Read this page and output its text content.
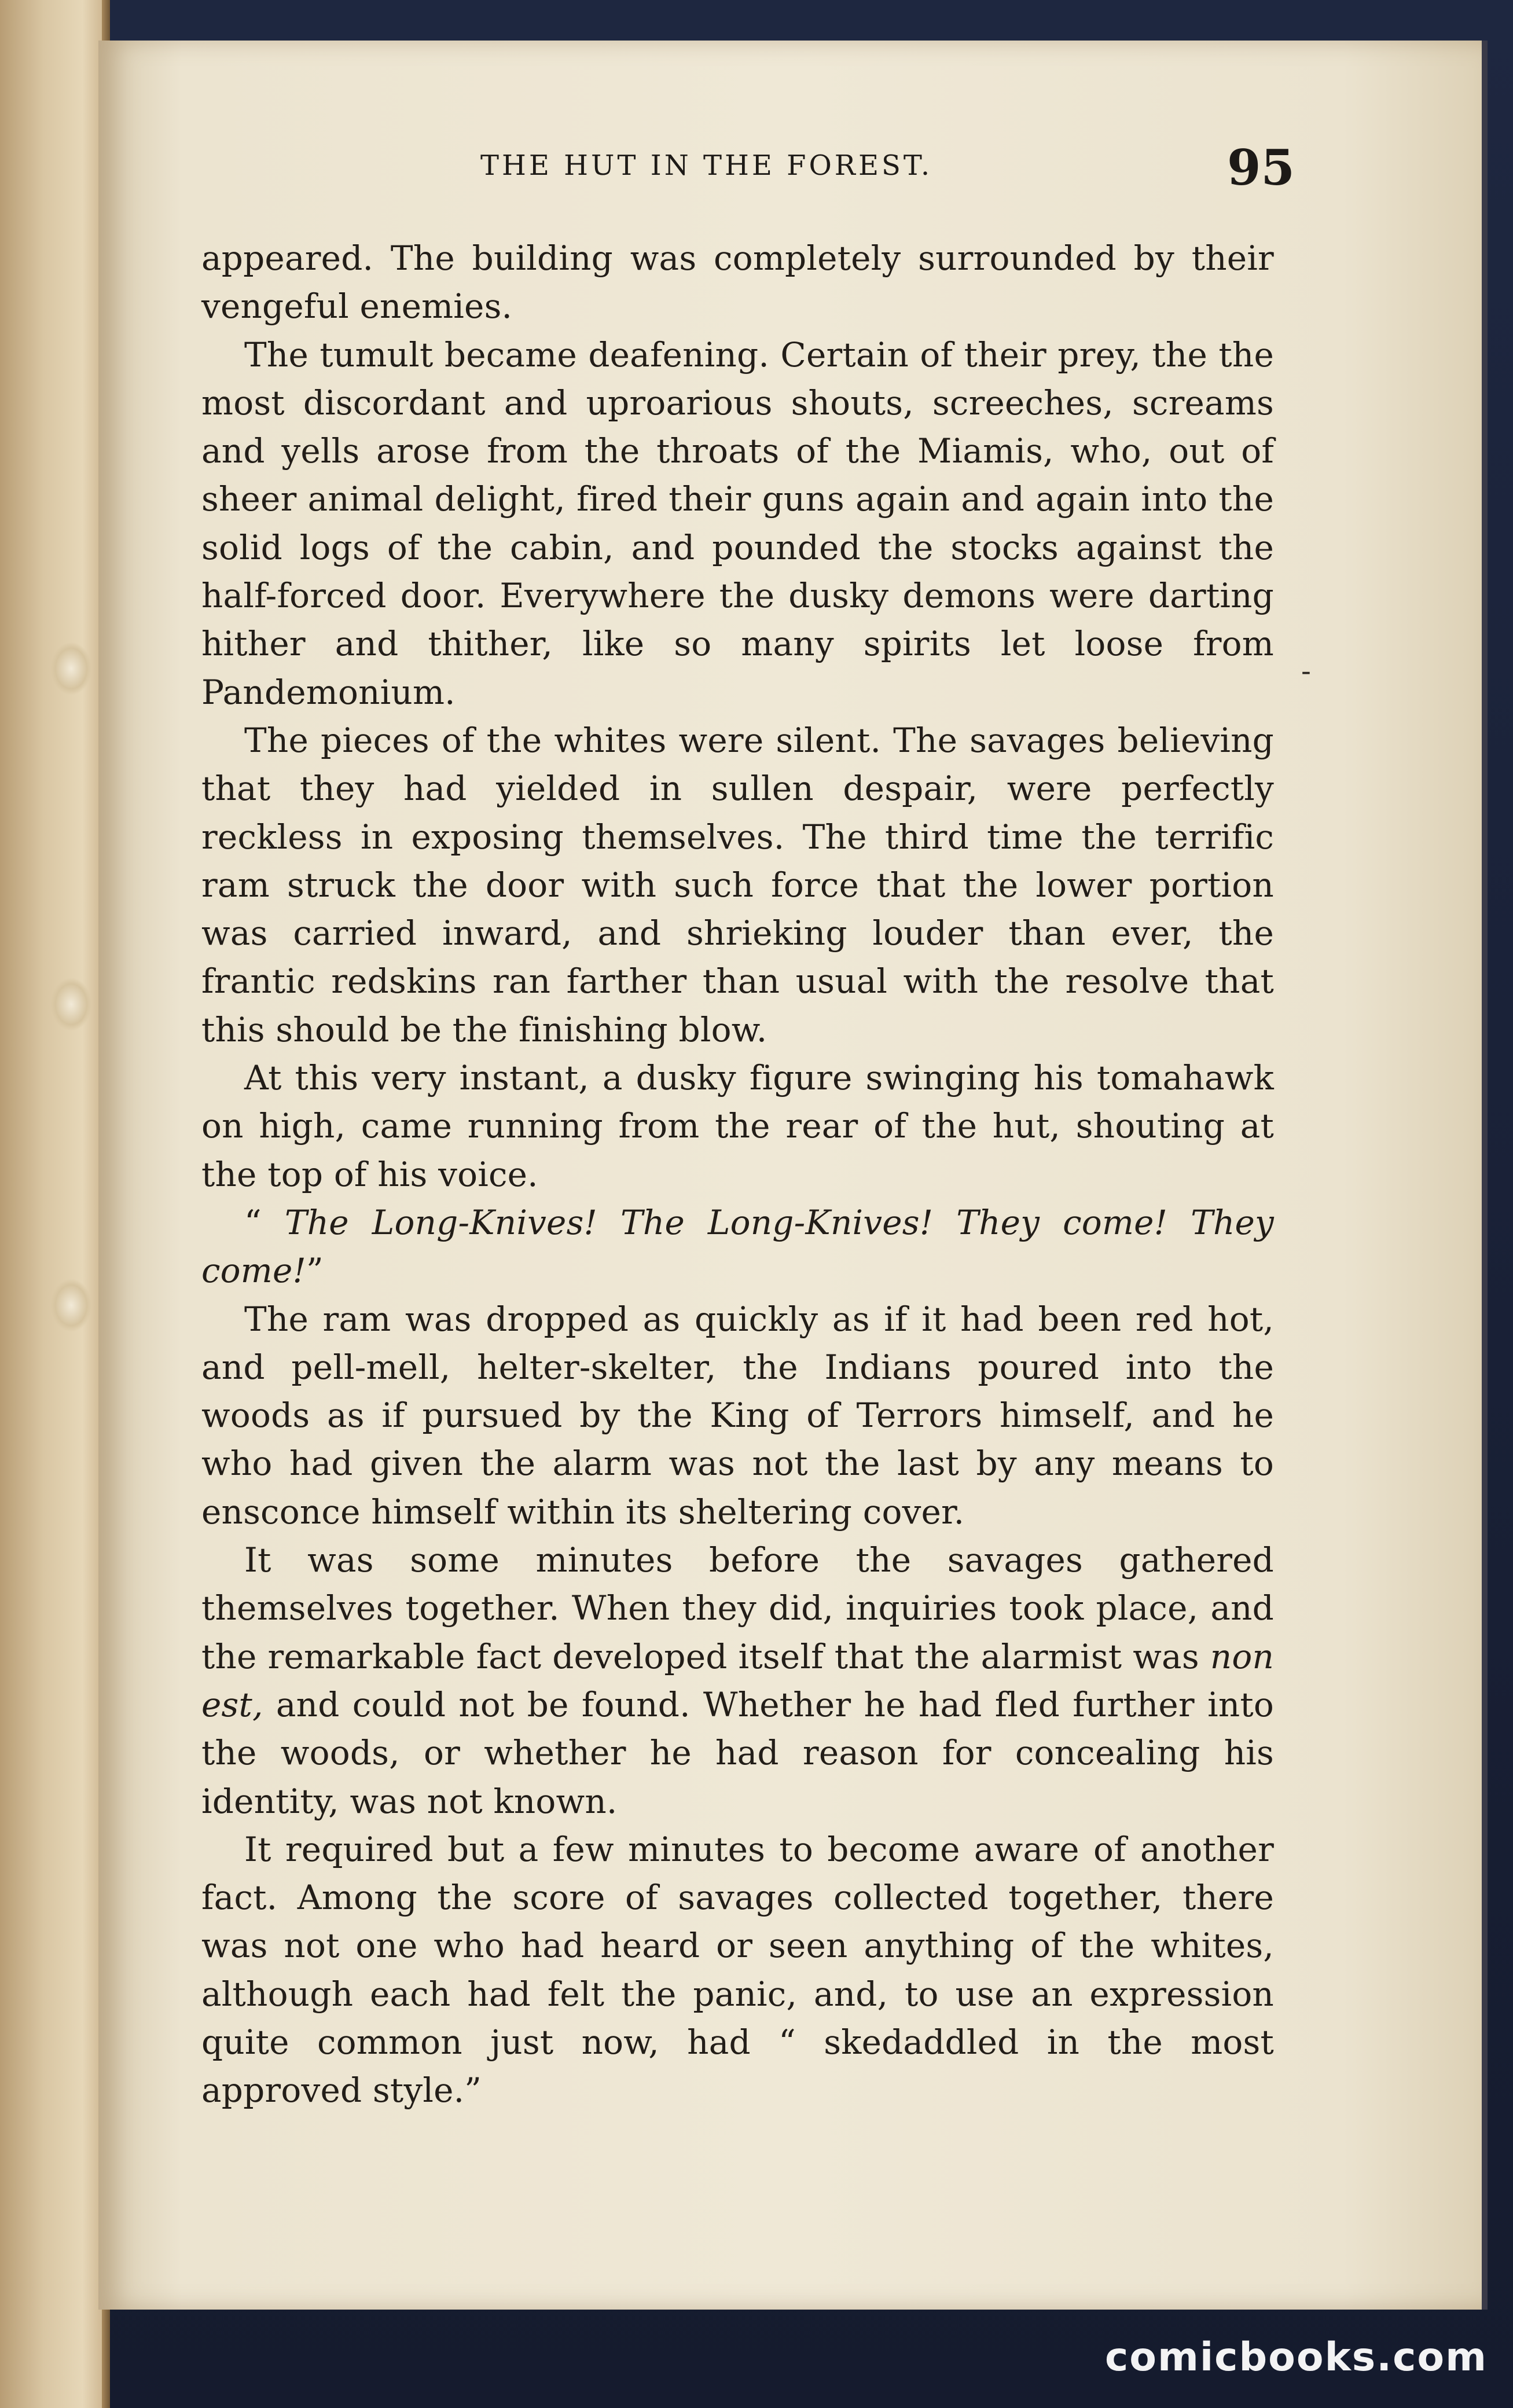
THE HUT IN THE FOREST.	95

appeared. The building was completely surrounded by their vengeful enemies.

The tumult became deafening. Certain of their prey, the the most discordant and uproarious shouts, screeches, screams and yells arose from the throats of the Miamis, who, out of sheer animal delight, fired their guns again and again into the solid logs of the cabin, and pounded the stocks against the half-forced door. Everywhere the dusky demons were darting hither and thither, like so many spirits let loose from Pandemonium.

The pieces of the whites were silent. The savages believing that they had yielded in sullen despair, were perfectly reckless in exposing themselves. The third time the terrific ram struck the door with such force that the lower portion was carried inward, and shrieking louder than ever, the frantic redskins ran farther than usual with the resolve that this should be the finishing blow.

At this very instant, a dusky figure swinging his tomahawk on high, came running from the rear of the hut, shouting at the top of his voice.

“ The Long-Knives! The Long-Knives! They come! They come!”

The ram was dropped as quickly as if it had been red hot, and pell-mell, helter-skelter, the Indians poured into the woods as if pursued by the King of Terrors himself, and he who had given the alarm was not the last by any means to ensconce himself within its sheltering cover.

It was some minutes before the savages gathered themselves together. When they did, inquiries took place, and the remarkable fact developed itself that the alarmist was non est, and could not be found. Whether he had fled further into the woods, or whether he had reason for concealing his identity, was not known.

It required but a few minutes to become aware of another fact. Among the score of savages collected together, there was not one who had heard or seen anything of the whites, although each had felt the panic, and, to use an expression quite common just now, had “ skedaddled in the most approved style.”

-
comicbooks.com
